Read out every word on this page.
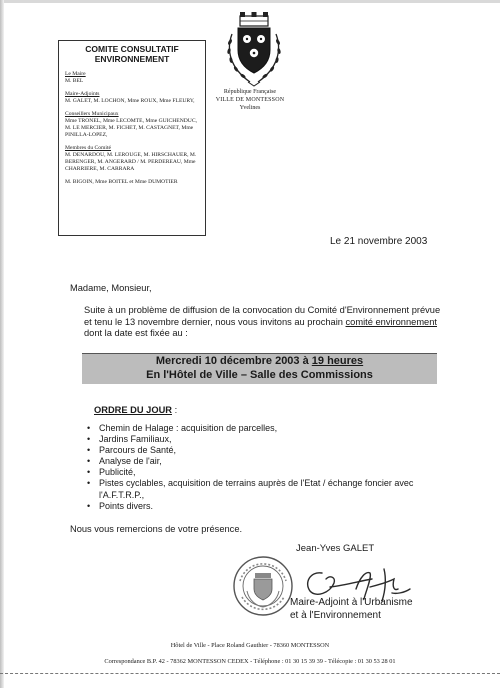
COMITE CONSULTATIF
ENVIRONNEMENT
Le Maire
M. BEL
Maire-Adjoints
M. GALET, M. LOCHON, Mme ROUX, Mme FLEURY,
Conseillers Municipaux
Mme TRONEL, Mme LECOMTE, Mme GUICHENDUC, M. LE MERCIER, M. FICHET, M. CASTAGNET, Mme PINILLA-LOPEZ,
Membres du Comité
M. DENARDOU, M. LEROUGE, M. HIRSCHAUER, M. BERENGER, M. ANGERARD / M. PERDEREAU, Mme CHARRIERE, M. CARRARA
M. BIGOIN, Mme BOITEL et Mme DUMOTIER
République Française
VILLE DE MONTESSON
Yvelines
Le 21 novembre 2003
Madame, Monsieur,
Suite à un problème de diffusion de la convocation du Comité d'Environnement prévue et tenu le 13 novembre dernier, nous vous invitons au prochain comité environnement dont la date est fixée au :
Mercredi 10 décembre 2003 à 19 heures
En l'Hôtel de Ville – Salle des Commissions
ORDRE DU JOUR :
• Chemin de Halage : acquisition de parcelles,
• Jardins Familiaux,
• Parcours de Santé,
• Analyse de l'air,
• Publicité,
• Pistes cyclables, acquisition de terrains auprès de l'Etat / échange foncier avec l'A.F.T.R.P.,
• Points divers.
Nous vous remercions de votre présence.
Jean-Yves GALET
Maire-Adjoint à l'Urbanisme
et à l'Environnement
Hôtel de Ville - Place Roland Gauthier - 78360 MONTESSON
Correspondance B.P. 42 - 78362 MONTESSON CEDEX - Téléphone : 01 30 15 39 39 - Télécopie : 01 30 53 28 01
